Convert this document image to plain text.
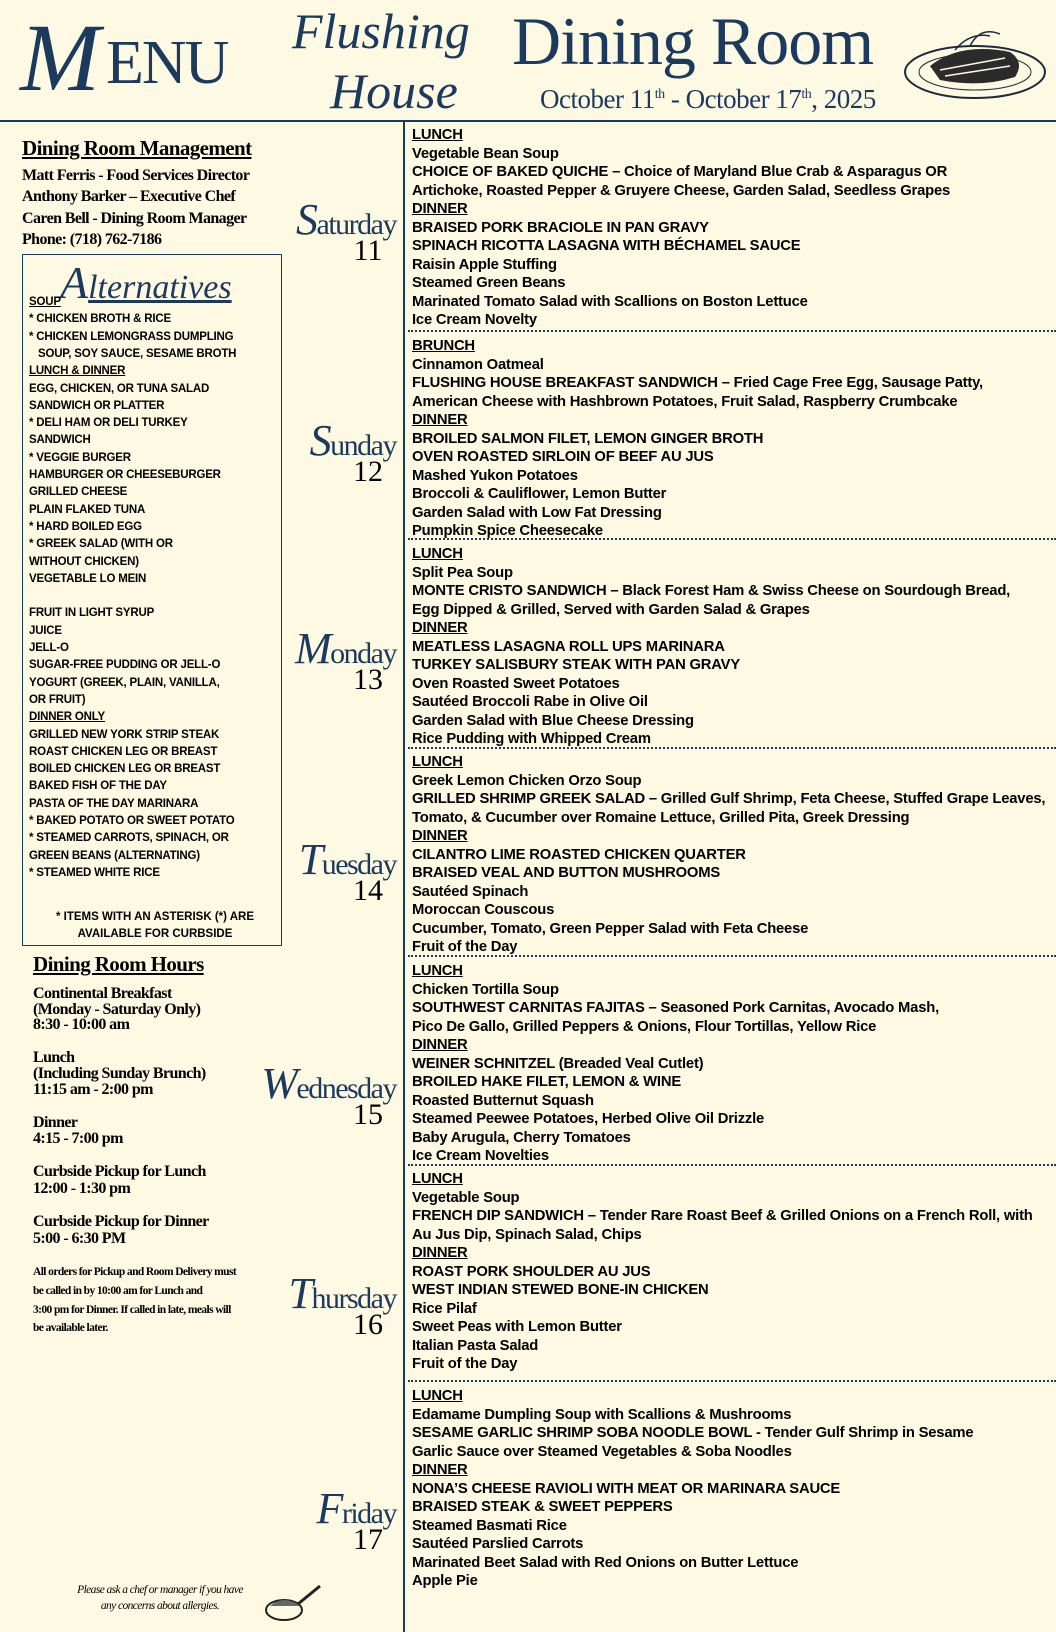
M ENU Flushing
House
Dining Room
October 11th - October 17th, 2025
Dining Room Management
Matt Ferris - Food Services Director
Anthony Barker – Executive Chef
Caren Bell - Dining Room Manager
Phone: (718) 762-7186
Alternatives
SOUP
* CHICKEN BROTH & RICE
* CHICKEN LEMONGRASS DUMPLING
SOUP, SOY SAUCE, SESAME BROTH
LUNCH & DINNER
EGG, CHICKEN, OR TUNA SALAD
SANDWICH OR PLATTER
* DELI HAM OR DELI TURKEY
SANDWICH
* VEGGIE BURGER
HAMBURGER OR CHEESEBURGER
GRILLED CHEESE
PLAIN FLAKED TUNA
* HARD BOILED EGG
* GREEK SALAD (WITH OR
WITHOUT CHICKEN)
VEGETABLE LO MEIN
FRUIT IN LIGHT SYRUP
JUICE
JELL-O
SUGAR-FREE PUDDING OR JELL-O
YOGURT (GREEK, PLAIN, VANILLA,
OR FRUIT)
DINNER ONLY
GRILLED NEW YORK STRIP STEAK
ROAST CHICKEN LEG OR BREAST
BOILED CHICKEN LEG OR BREAST
BAKED FISH OF THE DAY
PASTA OF THE DAY MARINARA
* BAKED POTATO OR SWEET POTATO
* STEAMED CARROTS, SPINACH, OR
GREEN BEANS (ALTERNATING)
* STEAMED WHITE RICE
* ITEMS WITH AN ASTERISK (*) ARE
AVAILABLE FOR CURBSIDE
Dining Room Hours
Continental Breakfast
(Monday - Saturday Only)
8:30 - 10:00 am
Lunch
(Including Sunday Brunch)
11:15 am - 2:00 pm
Dinner
4:15 - 7:00 pm
Curbside Pickup for Lunch
12:00 - 1:30 pm
Curbside Pickup for Dinner
5:00 - 6:30 PM
All orders for Pickup and Room Delivery must
be called in by 10:00 am for Lunch and
3:00 pm for Dinner. If called in late, meals will
be available later.
Please ask a chef or manager if you have
any concerns about allergies.
Saturday
11
LUNCH
Vegetable Bean Soup
CHOICE OF BAKED QUICHE – Choice of Maryland Blue Crab & Asparagus OR
Artichoke, Roasted Pepper & Gruyere Cheese, Garden Salad, Seedless Grapes
DINNER
BRAISED PORK BRACIOLE IN PAN GRAVY
SPINACH RICOTTA LASAGNA WITH BÉCHAMEL SAUCE
Raisin Apple Stuffing
Steamed Green Beans
Marinated Tomato Salad with Scallions on Boston Lettuce
Ice Cream Novelty
Sunday
12
BRUNCH
Cinnamon Oatmeal
FLUSHING HOUSE BREAKFAST SANDWICH – Fried Cage Free Egg, Sausage Patty,
American Cheese with Hashbrown Potatoes, Fruit Salad, Raspberry Crumbcake
DINNER
BROILED SALMON FILET, LEMON GINGER BROTH
OVEN ROASTED SIRLOIN OF BEEF AU JUS
Mashed Yukon Potatoes
Broccoli & Cauliflower, Lemon Butter
Garden Salad with Low Fat Dressing
Pumpkin Spice Cheesecake
Monday
13
LUNCH
Split Pea Soup
MONTE CRISTO SANDWICH – Black Forest Ham & Swiss Cheese on Sourdough Bread,
Egg Dipped & Grilled, Served with Garden Salad & Grapes
DINNER
MEATLESS LASAGNA ROLL UPS MARINARA
TURKEY SALISBURY STEAK WITH PAN GRAVY
Oven Roasted Sweet Potatoes
Sautéed Broccoli Rabe in Olive Oil
Garden Salad with Blue Cheese Dressing
Rice Pudding with Whipped Cream
Tuesday
14
LUNCH
Greek Lemon Chicken Orzo Soup
GRILLED SHRIMP GREEK SALAD – Grilled Gulf Shrimp, Feta Cheese, Stuffed Grape Leaves,
Tomato, & Cucumber over Romaine Lettuce, Grilled Pita, Greek Dressing
DINNER
CILANTRO LIME ROASTED CHICKEN QUARTER
BRAISED VEAL AND BUTTON MUSHROOMS
Sautéed Spinach
Moroccan Couscous
Cucumber, Tomato, Green Pepper Salad with Feta Cheese
Fruit of the Day
Wednesday
15
LUNCH
Chicken Tortilla Soup
SOUTHWEST CARNITAS FAJITAS – Seasoned Pork Carnitas, Avocado Mash,
Pico De Gallo, Grilled Peppers & Onions, Flour Tortillas, Yellow Rice
DINNER
WEINER SCHNITZEL (Breaded Veal Cutlet)
BROILED HAKE FILET, LEMON & WINE
Roasted Butternut Squash
Steamed Peewee Potatoes, Herbed Olive Oil Drizzle
Baby Arugula, Cherry Tomatoes
Ice Cream Novelties
Thursday
16
LUNCH
Vegetable Soup
FRENCH DIP SANDWICH – Tender Rare Roast Beef & Grilled Onions on a French Roll, with
Au Jus Dip, Spinach Salad, Chips
DINNER
ROAST PORK SHOULDER AU JUS
WEST INDIAN STEWED BONE-IN CHICKEN
Rice Pilaf
Sweet Peas with Lemon Butter
Italian Pasta Salad
Fruit of the Day
Friday
17
LUNCH
Edamame Dumpling Soup with Scallions & Mushrooms
SESAME GARLIC SHRIMP SOBA NOODLE BOWL - Tender Gulf Shrimp in Sesame
Garlic Sauce over Steamed Vegetables & Soba Noodles
DINNER
NONA’S CHEESE RAVIOLI WITH MEAT OR MARINARA SAUCE
BRAISED STEAK & SWEET PEPPERS
Steamed Basmati Rice
Sautéed Parslied Carrots
Marinated Beet Salad with Red Onions on Butter Lettuce
Apple Pie
